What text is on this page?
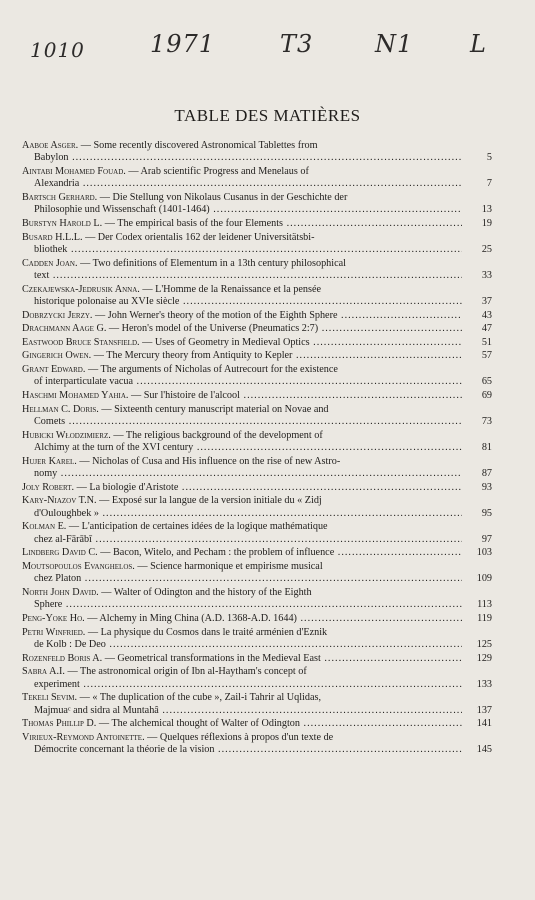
1010	1971	T3	N1 L
TABLE DES MATIÈRES
Aaboe Asger. — Some recently discovered Astronomical Tablettes from
Babylon .....	5
Aintabi Mohamed Fouad. — Arab scientific Progress and Menelaus of
Alexandria .....	7
Bartsch Gerhard. — Die Stellung von Nikolaus Cusanus in der Geschichte der
Philosophie und Wissenschaft (1401-1464) .....	13
Burstyn Harold L. — The empirical basis of the four Elements .....	19
Busard H.L.L. — Der Codex orientalis 162 der leidener Universitätsbi-
bliothek .....	25
Cadden Joan. — Two definitions of Elementum in a 13th century philosophical
text .....	33
Czekajewska-Jedrusik Anna. — L'Homme de la Renaissance et la pensée
historique polonaise au XVIe siècle .....	37
Dobrzycki Jerzy. — John Werner's theory of the motion of the Eighth Sphere .....	43
Drachmann Aage G. — Heron's model of the Universe (Pneumatics 2:7) .....	47
Eastwood Bruce Stansfield. — Uses of Geometry in Medieval Optics .....	51
Gingerich Owen. — The Mercury theory from Antiquity to Kepler .....	57
Grant Edward. — The arguments of Nicholas of Autrecourt for the existence
of interparticulate vacua .....	65
Haschmi Mohamed Yahia. — Sur l'histoire de l'alcool .....	69
Hellman C. Doris. — Sixteenth century manuscript material on Novae and
Comets .....	73
Hubicki Włodzimierz. — The religious background of the development of
Alchimy at the turn of the XVI century .....	81
Hujer Karel. — Nicholas of Cusa and His influence on the rise of new Astro-
nomy .....	87
Joly Robert. — La biologie d'Aristote .....	93
Kary-Niazov T.N. — Exposé sur la langue de la version initiale du « Zidj
d'Ouloughbek » .....	95
Kolman E. — L'anticipation de certaines idées de la logique mathématique
chez al-Fārābī .....	97
Lindberg David C. — Bacon, Witelo, and Pecham : the problem of influence .....	103
Moutsopoulos Evanghelos. — Science harmonique et empirisme musical
chez Platon .....	109
North John David. — Walter of Odington and the history of the Eighth
Sphere .....	113
Peng-Yoke Ho. — Alchemy in Ming China (A.D. 1368-A.D. 1644) .....	119
Petri Winfried. — La physique du Cosmos dans le traité arménien d'Eznik
de Kolb : De Deo .....	125
Rozenfeld Boris A. — Geometrical transformations in the Medieval East .....	129
Sabra A.I. — The astronomical origin of Ibn al-Haytham's concept of
experiment .....	133
Tekeli Sevim. — « The duplication of the cube », Zail-i Tahrir al Uqlidas,
Majmuaᶜ and sidra al Muntahâ .....	137
Thomas Phillip D. — The alchemical thought of Walter of Odington .....	141
Virieux-Reymond Antoinette. — Quelques réflexions à propos d'un texte de
Démocrite concernant la théorie de la vision .....	145
